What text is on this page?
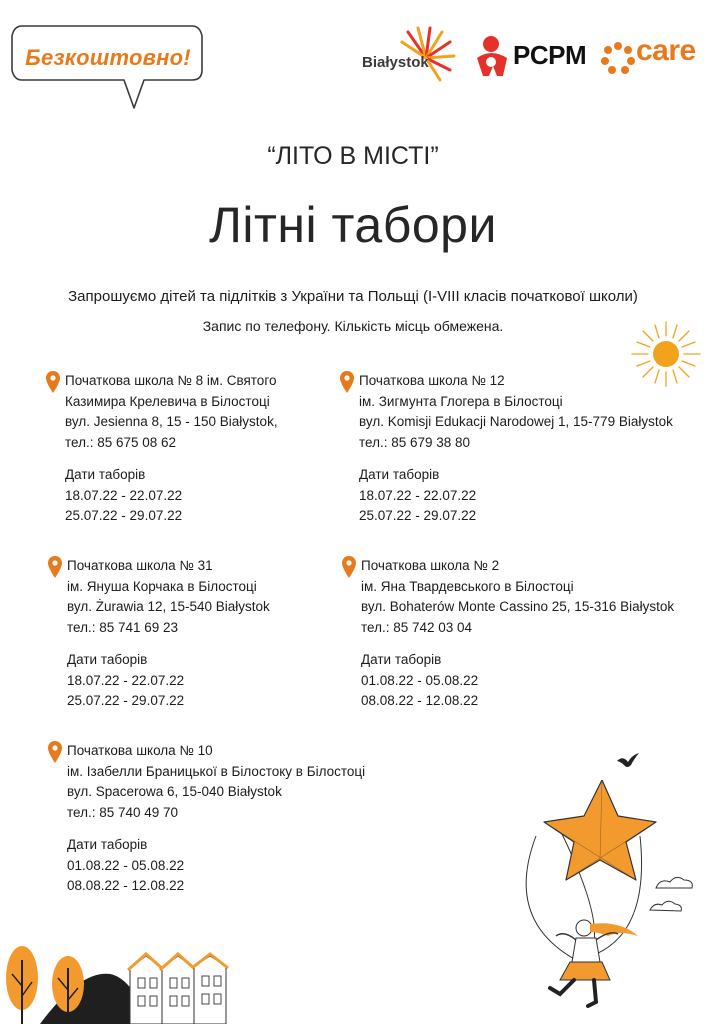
Безкоштовно!	Białystok	PCPM care
“ЛІТО В МІСТІ”
Літні табори
Запрошуємо дітей та підлітків з України та Польщі (I-VIII класів початкової школи)
Запис по телефону. Кількість місць обмежена.
Початкова школа № 8 ім. Святого
Казимира Крелевича в Білостоці
вул. Jesienna 8, 15 - 150 Białystok,
тел.: 85 675 08 62
Дати таборів
18.07.22 - 22.07.22
25.07.22 - 29.07.22
Початкова школа № 12
ім. Зигмунта Глогера в Білостоці
вул. Komisji Edukacji Narodowej 1, 15-779 Białystok
тел.: 85 679 38 80
Дати таборів
18.07.22 - 22.07.22
25.07.22 - 29.07.22
Початкова школа № 31
ім. Януша Корчака в Білостоці
вул. Żurawia 12, 15-540 Białystok
тел.: 85 741 69 23
Дати таборів
18.07.22 - 22.07.22
25.07.22 - 29.07.22
Початкова школа № 2
ім. Яна Твардевського в Білостоці
вул. Bohaterów Monte Cassino 25, 15-316 Białystok
тел.: 85 742 03 04
Дати таборів
01.08.22 - 05.08.22
08.08.22 - 12.08.22
Початкова школа № 10
ім. Ізабелли Браницької в Білостоку в Білостоці
вул. Spacerowa 6, 15-040 Białystok
тел.: 85 740 49 70
Дати таборів
01.08.22 - 05.08.22
08.08.22 - 12.08.22
